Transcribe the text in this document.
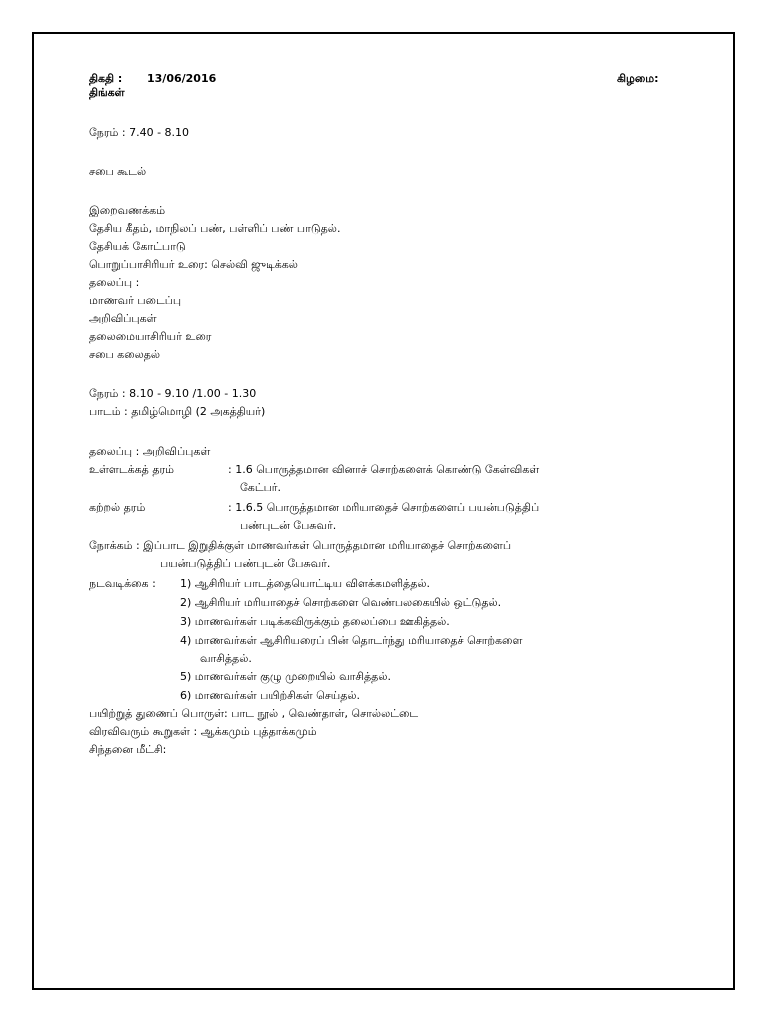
திகதி : 13/06/2016	கிழமை:
திங்கள்
நேரம் : 7.40 - 8.10
சபை கூடல்
இறைவணக்கம்
தேசிய கீதம், மாநிலப் பண், பள்ளிப் பண் பாடுதல்.
தேசியக் கோட்பாடு
பொறுப்பாசிரியர் உரை: செல்வி ஜுடிக்கல்
தலைப்பு :
மாணவர் படைப்பு
அறிவிப்புகள்
தலைமையாசிரியர் உரை
சபை கலைதல்
நேரம் : 8.10 - 9.10 /1.00 - 1.30
பாடம் : தமிழ்மொழி (2 அகத்தியர்)
தலைப்பு : அறிவிப்புகள்
உள்ளடக்கத் தரம்	: 1.6 பொருத்தமான வினாச் சொற்களைக் கொண்டு கேள்விகள்
கேட்பர்.
கற்றல் தரம்	: 1.6.5 பொருத்தமான மரியாதைச் சொற்களைப் பயன்படுத்திப்
பண்புடன் பேசுவர்.
நோக்கம் : இப்பாட இறுதிக்குள் மாணவர்கள் பொருத்தமான மரியாதைச் சொற்களைப்
பயன்படுத்திப் பண்புடன் பேசுவர்.
நடவடிக்கை : 1) ஆசிரியர் பாடத்தையொட்டிய விளக்கமளித்தல்.
2) ஆசிரியர் மரியாதைச் சொற்களை வெண்பலகையில் ஒட்டுதல்.
3) மாணவர்கள் படிக்கவிருக்கும் தலைப்பை ஊகித்தல்.
4) மாணவர்கள் ஆசிரியரைப் பின் தொடர்ந்து மரியாதைச் சொற்களை
வாசித்தல்.
5) மாணவர்கள் குழு முறையில் வாசித்தல்.
6) மாணவர்கள் பயிற்சிகள் செய்தல்.
பயிற்றுத் துணைப் பொருள்: பாட நூல் , வெண்தாள், சொல்லட்டை
விரவிவரும் கூறுகள் : ஆக்கமும் புத்தாக்கமும்
சிந்தனை மீட்சி:
